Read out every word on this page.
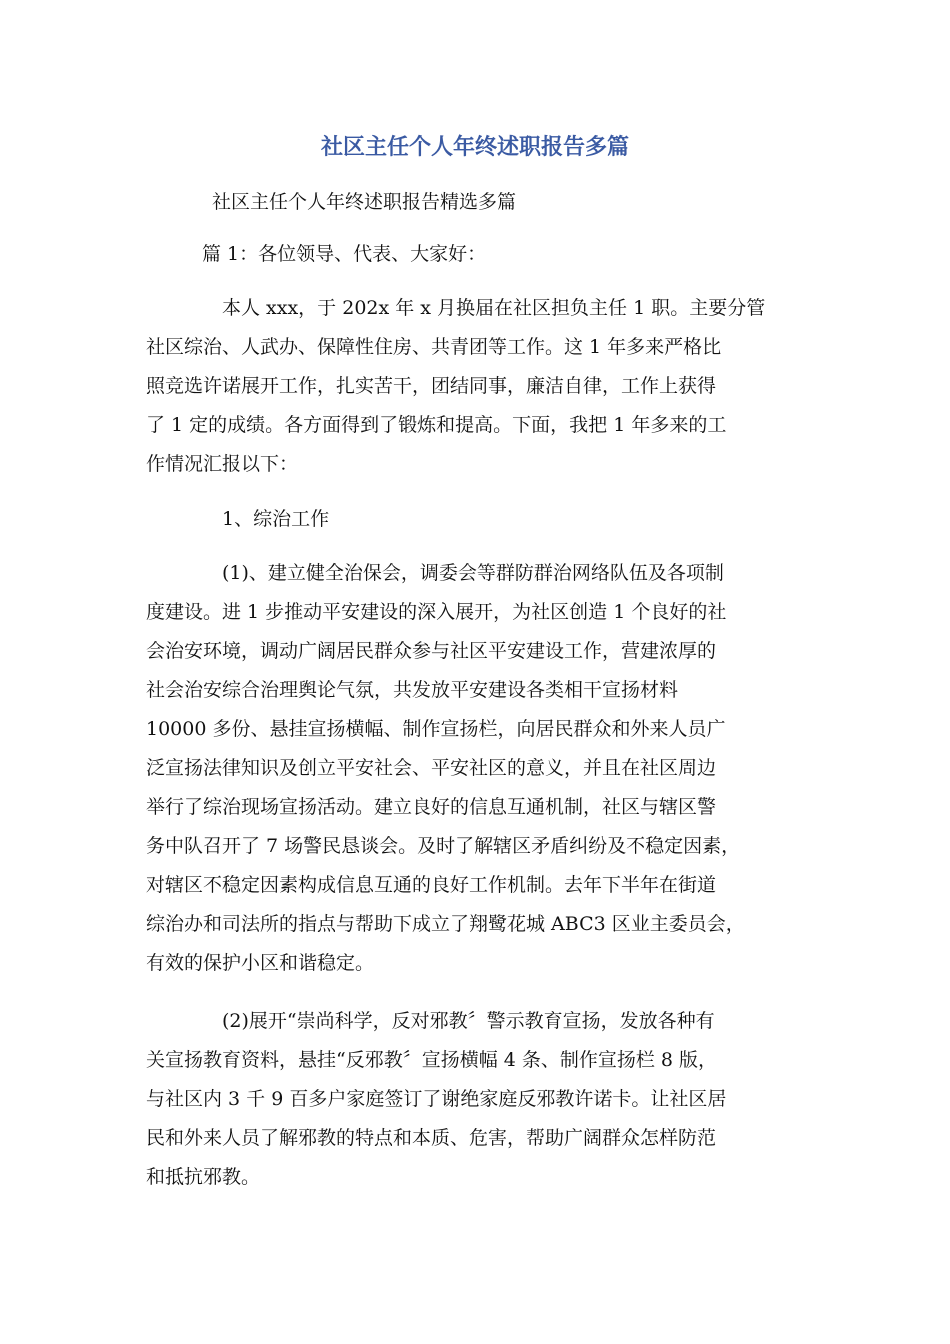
社区主任个人年终述职报告多篇
社区主任个人年终述职报告精选多篇
篇 1：各位领导、代表、大家好：
本人 xxx，于 202x 年 x 月换届在社区担负主任 1 职。主要分管
社区综治、人武办、保障性住房、共青团等工作。这 1 年多来严格比
照竞选许诺展开工作，扎实苦干，团结同事，廉洁自律，工作上获得
了 1 定的成绩。各方面得到了锻炼和提高。下面，我把 1 年多来的工
作情况汇报以下：
1、综治工作
(1)、建立健全治保会，调委会等群防群治网络队伍及各项制
度建设。进 1 步推动平安建设的深入展开，为社区创造 1 个良好的社
会治安环境，调动广阔居民群众参与社区平安建设工作，营建浓厚的
社会治安综合治理舆论气氛，共发放平安建设各类相干宣扬材料
10000 多份、悬挂宣扬横幅、制作宣扬栏，向居民群众和外来人员广
泛宣扬法律知识及创立平安社会、平安社区的意义，并且在社区周边
举行了综治现场宣扬活动。建立良好的信息互通机制，社区与辖区警
务中队召开了 7 场警民恳谈会。及时了解辖区矛盾纠纷及不稳定因素，
对辖区不稳定因素构成信息互通的良好工作机制。去年下半年在街道
综治办和司法所的指点与帮助下成立了翔鹭花城 ABC3 区业主委员会，
有效的保护小区和谐稳定。
(2)展开“崇尚科学，反对邪教〞警示教育宣扬，发放各种有
关宣扬教育资料，悬挂“反邪教〞宣扬横幅 4 条、制作宣扬栏 8 版，
与社区内 3 千 9 百多户家庭签订了谢绝家庭反邪教许诺卡。让社区居
民和外来人员了解邪教的特点和本质、危害，帮助广阔群众怎样防范
和抵抗邪教。
